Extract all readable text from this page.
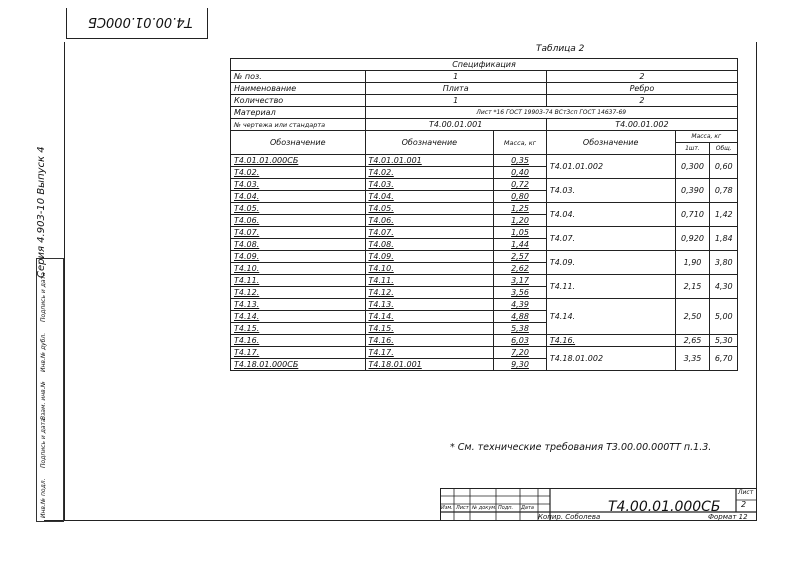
Т4.00.01.000СБ
Серия 4.903-10 Выпуск 4
Инв.№ подл.
Подпись и дата
Взам. инв.№
Инв.№ дубл.
Подпись и дата
Таблица 2
Спецификация					
№ поз.	1		2		
Наименование	Плита		Ребро		
Количество	1		2		
Материал	Лист *16 ГОСТ 19903-74 ВСт3сп ГОСТ 14637-69				
№ чертежа или стандарта	Т4.00.01.001		Т4.00.01.002		
Обозначение	Обозначение	Масса, кг	Обозначение	Масса, кг	
				1шт.	Общ.
Т4.01.01.000СБ	Т4.01.01.001	0,35	Т4.01.01.002	0,300	0,60
Т4.02.	Т4.02.	0,40			
Т4.03.	Т4.03.	0,72	Т4.03.	0,390	0,78
Т4.04.	Т4.04.	0,80			
Т4.05.	Т4.05.	1,25	Т4.04.	0,710	1,42
Т4.06.	Т4.06.	1,20			
Т4.07.	Т4.07.	1,05	Т4.07.	0,920	1,84
Т4.08.	Т4.08.	1,44			
Т4.09.	Т4.09.	2,57	Т4.09.	1,90	3,80
Т4.10.	Т4.10.	2,62			
Т4.11.	Т4.11.	3,17	Т4.11.	2,15	4,30
Т4.12.	Т4.12.	3,56			
Т4.13.	Т4.13.	4,39	Т4.14.	2,50	5,00
Т4.14.	Т4.14.	4,88			
Т4.15.	Т4.15.	5,38			
Т4.16.	Т4.16.	6,03	Т4.16.	2,65	5,30
Т4.17.	Т4.17.	7,20	Т4.18.01.002	3,35	6,70
Т4.18.01.000СБ	Т4.18.01.001	9,30			
* См. технические требования Т3.00.00.000ТТ п.1.3.
Изм. Лист № докум. Подп. Дата	Т4.00.01.000СБ
Лист
2
Копир. Соболева	Формат 12
